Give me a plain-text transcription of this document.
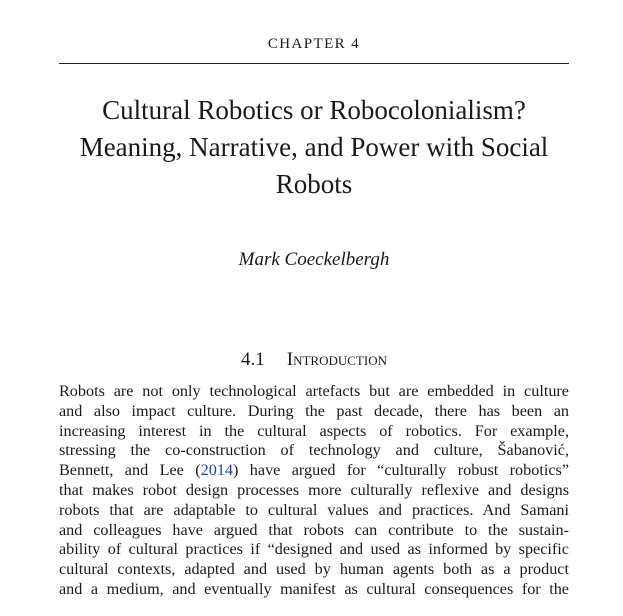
CHAPTER 4
Cultural Robotics or Robocolonialism?
Meaning, Narrative, and Power with Social
Robots
Mark Coeckelbergh
4.1 Introduction
Robots are not only technological artefacts but are embedded in culture
and also impact culture. During the past decade, there has been an
increasing interest in the cultural aspects of robotics. For example,
stressing the co-construction of technology and culture, Šabanović,
Bennett, and Lee (2014) have argued for “culturally robust robotics”
that makes robot design processes more culturally reflexive and designs
robots that are adaptable to cultural values and practices. And Samani
and colleagues have argued that robots can contribute to the sustain-
ability of cultural practices if “designed and used as informed by specific
cultural contexts, adapted and used by human agents both as a product
and a medium, and eventually manifest as cultural consequences for the
